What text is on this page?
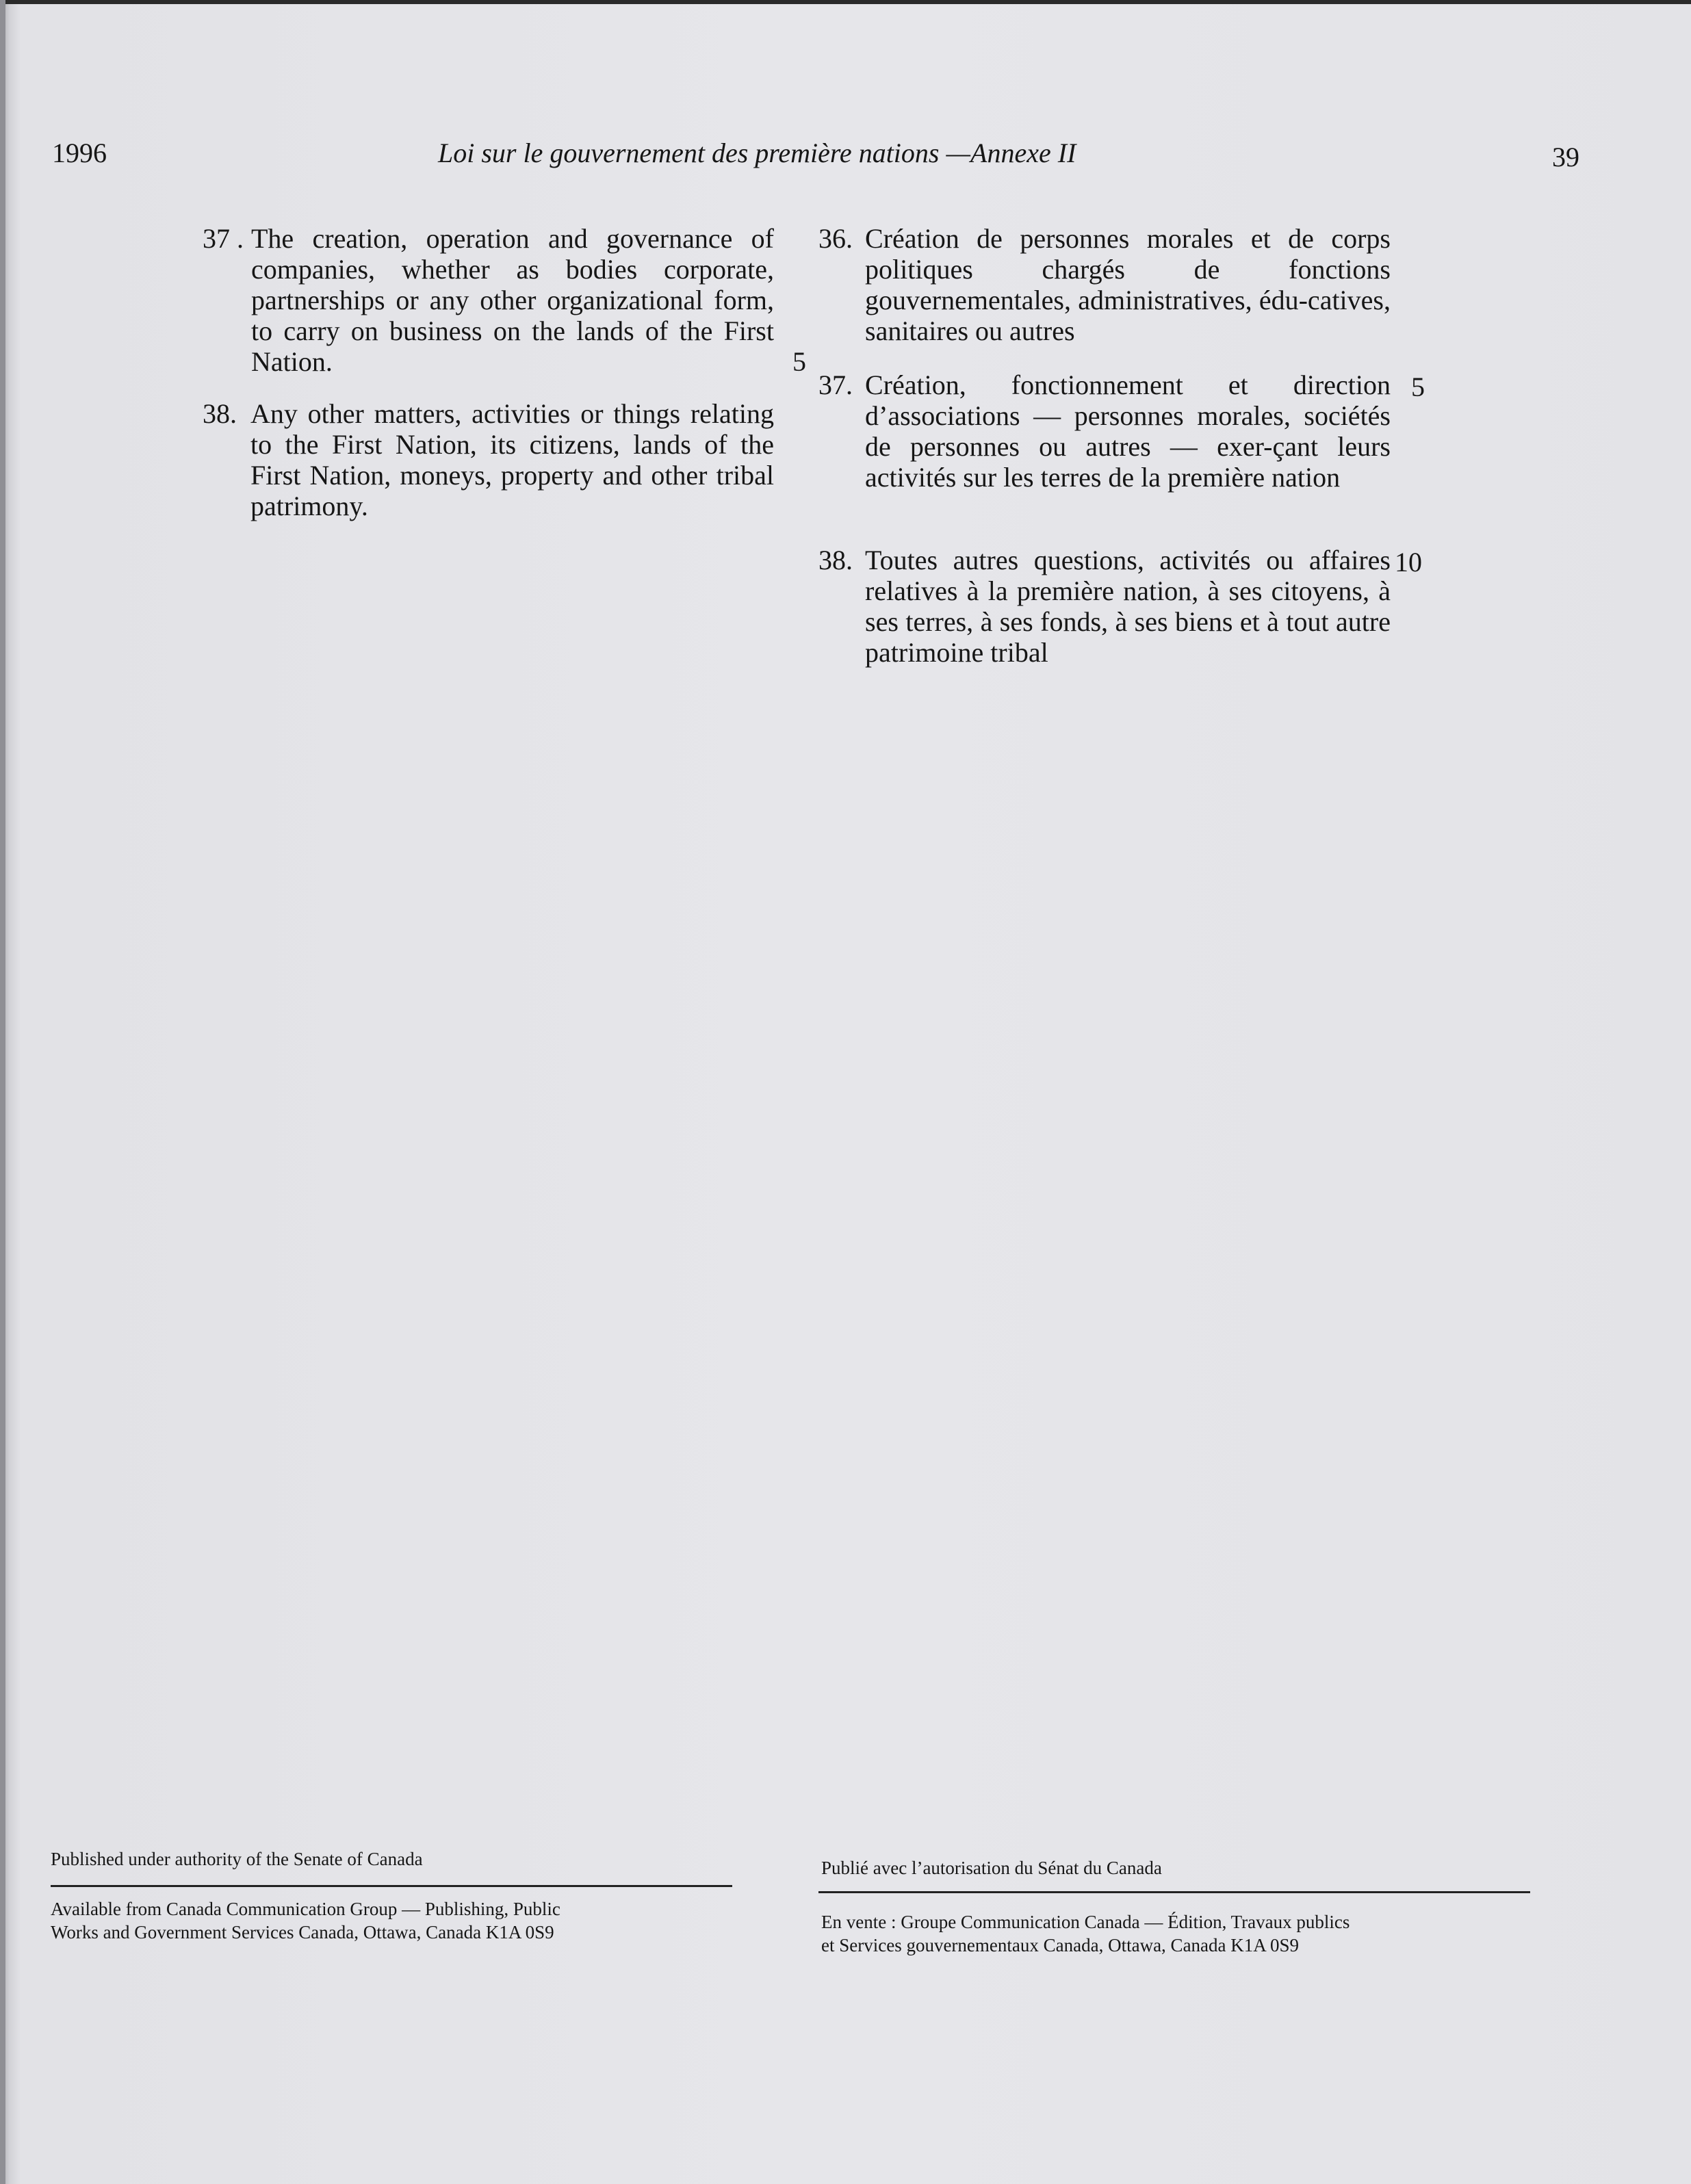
1996	Loi sur le gouvernement des première nations —Annexe II	39
37 . The creation, operation and governance of companies, whether as bodies corporate, partnerships or any other organizational form, to carry on business on the lands of the First Nation.
38. Any other matters, activities or things relating to the First Nation, its citizens, lands of the First Nation, moneys, property and other tribal patrimony.
36. Création de personnes morales et de corps politiques chargés de fonctions gouvernementales, administratives, édu-catives, sanitaires ou autres
37. Création, fonctionnement et direction d’associations — personnes morales, sociétés de personnes ou autres — exer-çant leurs activités sur les terres de la première nation
38. Toutes autres questions, activités ou affaires relatives à la première nation, à ses citoyens, à ses terres, à ses fonds, à ses biens et à tout autre patrimoine tribal
5
5
10
Published under authority of the Senate of Canada
Available from Canada Communication Group — Publishing, Public
Works and Government Services Canada, Ottawa, Canada K1A 0S9
Publié avec l’autorisation du Sénat du Canada
En vente : Groupe Communication Canada — Édition, Travaux publics
et Services gouvernementaux Canada, Ottawa, Canada K1A 0S9
